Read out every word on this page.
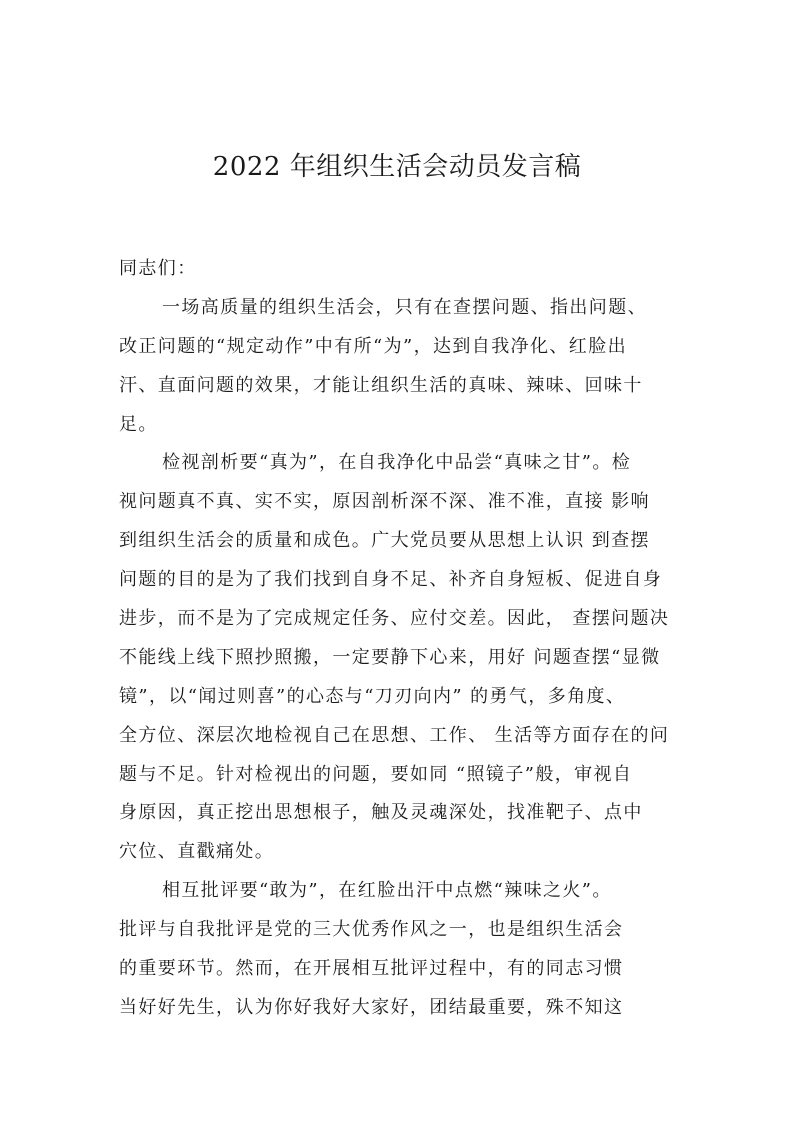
2022 年组织生活会动员发言稿
同志们：
一场高质量的组织生活会，只有在查摆问题、指出问题、
改正问题的“规定动作”中有所“为”，达到自我净化、红脸出
汗、直面问题的效果，才能让组织生活的真味、辣味、回味十
足。
检视剖析要“真为”，在自我净化中品尝“真味之甘”。检
视问题真不真、实不实，原因剖析深不深、准不准，直接 影响
到组织生活会的质量和成色。广大党员要从思想上认识 到查摆
问题的目的是为了我们找到自身不足、补齐自身短板、促进自身
进步，而不是为了完成规定任务、应付交差。因此， 查摆问题决
不能线上线下照抄照搬，一定要静下心来，用好 问题查摆“显微
镜”，以“闻过则喜”的心态与“刀刃向内” 的勇气，多角度、
全方位、深层次地检视自己在思想、工作、 生活等方面存在的问
题与不足。针对检视出的问题，要如同 “照镜子”般，审视自
身原因，真正挖出思想根子，触及灵魂深处，找准靶子、点中
穴位、直戳痛处。
相互批评要“敢为”，在红脸出汗中点燃“辣味之火”。
批评与自我批评是党的三大优秀作风之一，也是组织生活会
的重要环节。然而，在开展相互批评过程中，有的同志习惯
当好好先生，认为你好我好大家好，团结最重要，殊不知这
